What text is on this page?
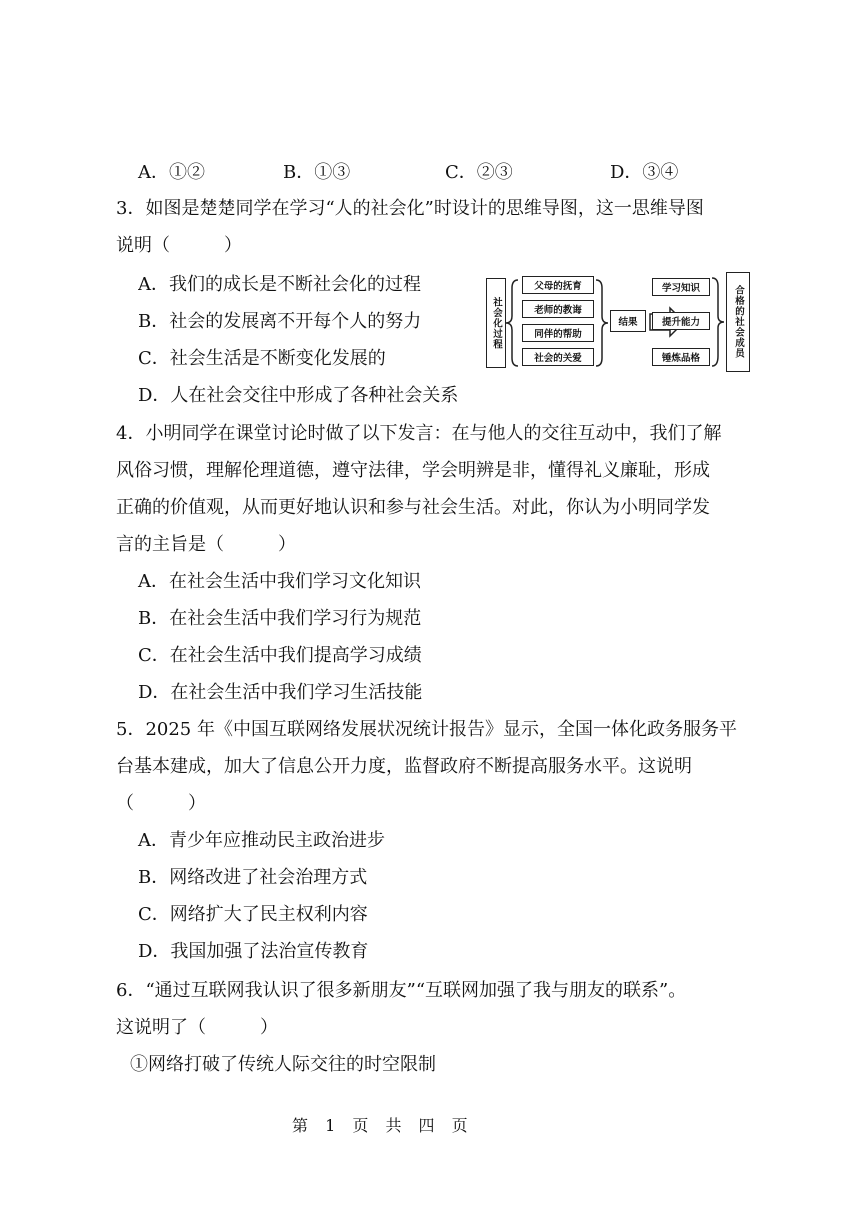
A．①②	B．①③	C．②③	D．③④
3．如图是楚楚同学在学习“人的社会化”时设计的思维导图，这一思维导图
说明（　　　）
A．我们的成长是不断社会化的过程
B．社会的发展离不开每个人的努力
C．社会生活是不断变化发展的
D．人在社会交往中形成了各种社会关系
社会化过程
父母的抚育
老师的教诲
同伴的帮助
社会的关爱
结果
学习知识
提升能力
锤炼品格	合格的社会成员
4．小明同学在课堂讨论时做了以下发言：在与他人的交往互动中，我们了解
风俗习惯，理解伦理道德，遵守法律，学会明辨是非，懂得礼义廉耻，形成
正确的价值观，从而更好地认识和参与社会生活。对此，你认为小明同学发
言的主旨是（　　　）
A．在社会生活中我们学习文化知识
B．在社会生活中我们学习行为规范
C．在社会生活中我们提高学习成绩
D．在社会生活中我们学习生活技能
5．2025 年《中国互联网络发展状况统计报告》显示，全国一体化政务服务平
台基本建成，加大了信息公开力度，监督政府不断提高服务水平。这说明
（　　　）
A．青少年应推动民主政治进步
B．网络改进了社会治理方式
C．网络扩大了民主权利内容
D．我国加强了法治宣传教育
6．“通过互联网我认识了很多新朋友”“互联网加强了我与朋友的联系”。
这说明了（　　　）
①网络打破了传统人际交往的时空限制
第 1 页 共 四 页
